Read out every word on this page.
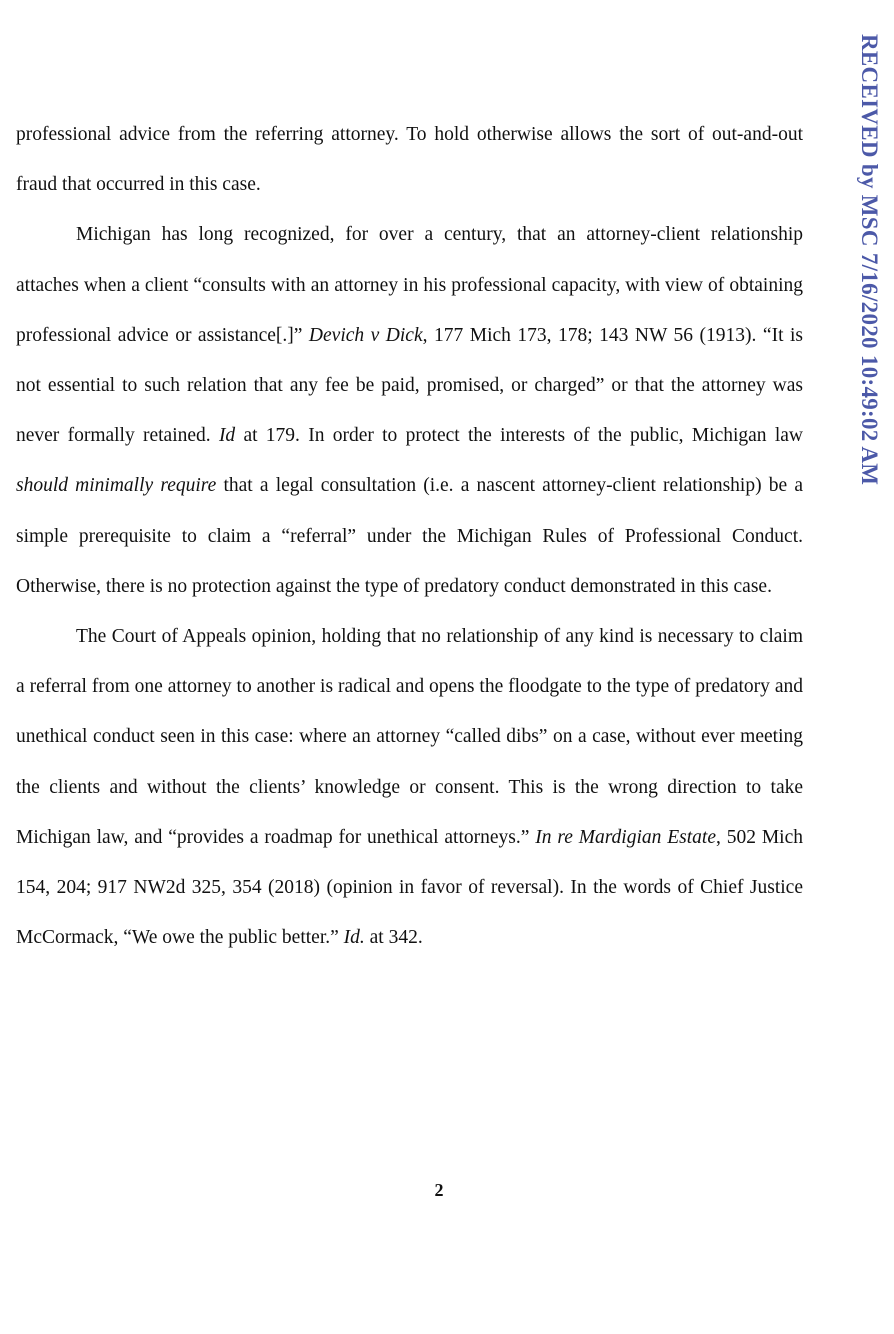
professional advice from the referring attorney. To hold otherwise allows the sort of out-and-out fraud that occurred in this case.

Michigan has long recognized, for over a century, that an attorney-client relationship attaches when a client “consults with an attorney in his professional capacity, with view of obtaining professional advice or assistance[.]” Devich v Dick, 177 Mich 173, 178; 143 NW 56 (1913). “It is not essential to such relation that any fee be paid, promised, or charged” or that the attorney was never formally retained. Id at 179. In order to protect the interests of the public, Michigan law should minimally require that a legal consultation (i.e. a nascent attorney-client relationship) be a simple prerequisite to claim a “referral” under the Michigan Rules of Professional Conduct. Otherwise, there is no protection against the type of predatory conduct demonstrated in this case.

The Court of Appeals opinion, holding that no relationship of any kind is necessary to claim a referral from one attorney to another is radical and opens the floodgate to the type of predatory and unethical conduct seen in this case: where an attorney “called dibs” on a case, without ever meeting the clients and without the clients’ knowledge or consent. This is the wrong direction to take Michigan law, and “provides a roadmap for unethical attorneys.” In re Mardigian Estate, 502 Mich 154, 204; 917 NW2d 325, 354 (2018) (opinion in favor of reversal). In the words of Chief Justice McCormack, “We owe the public better.” Id. at 342.

2
RECEIVED by MSC 7/16/2020 10:49:02 AM
